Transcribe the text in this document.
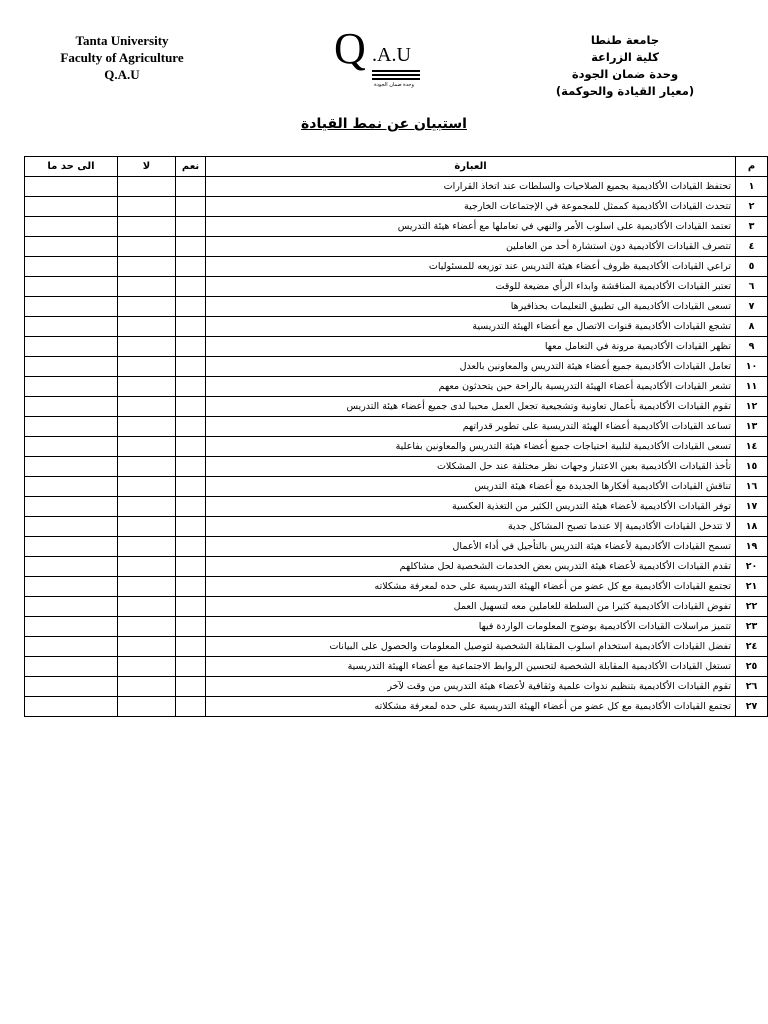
Tanta University
Faculty of Agriculture
Q.A.U
Q .A.U
وحدة ضمان الجودة
جامعة طنطا
كلية الزراعة
وحدة ضمان الجودة
(معيار القيادة والحوكمة)
استبيان عن نمط القيادة
م	العبارة	نعم	لا	الى حد ما
١	تحتفظ القيادات الأكاديمية بجميع الصلاحيات والسلطات عند اتخاذ القرارات			
٢	تتحدث القيادات الأكاديمية كممثل للمجموعة في الإجتماعات الخارجية			
٣	تعتمد القيادات الأكاديمية على اسلوب الأمر والنهي في تعاملها مع أعضاء هيئة التدريس			
٤	تتصرف القيادات الأكاديمية دون استشارة أحد من العاملين			
٥	تراعي القيادات الأكاديمية ظروف أعضاء هيئة التدريس عند توزيعه للمسئوليات			
٦	تعتبر القيادات الأكاديمية المناقشة وابداء الرأي مضيعة للوقت			
٧	تسعى القيادات الأكاديمية الى تطبيق التعليمات بحذافيرها			
٨	تشجع القيادات الأكاديمية قنوات الاتصال مع أعضاء الهيئة التدريسية			
٩	تظهر القيادات الأكاديمية مرونة في التعامل معها			
١٠	تعامل القيادات الأكاديمية جميع أعضاء هيئة التدريس والمعاونين بالعدل			
١١	تشعر القيادات الأكاديمية أعضاء الهيئة التدريسية بالراحة حين يتحدثون معهم			
١٢	تقوم القيادات الأكاديمية بأعمال تعاونية وتشجيعية تجعل العمل محببا لدى جميع أعضاء هيئة التدريس			
١٣	تساعد القيادات الأكاديمية أعضاء الهيئة التدريسية على تطوير قدراتهم			
١٤	تسعى القيادات الأكاديمية لتلبية احتياجات جميع أعضاء هيئة التدريس والمعاونين بفاعلية			
١٥	تأخذ القيادات الأكاديمية بعين الاعتبار وجهات نظر مختلفة عند حل المشكلات			
١٦	تناقش القيادات الأكاديمية أفكارها الجديدة مع أعضاء هيئة التدريس			
١٧	توفر القيادات الأكاديمية لأعضاء هيئة التدريس الكثير من التغذية العكسية			
١٨	لا تتدخل القيادات الأكاديمية إلا عندما تصبح المشاكل جدية			
١٩	تسمح القيادات الأكاديمية لأعضاء هيئة التدريس بالتأجيل في أداء الأعمال			
٢٠	تقدم القيادات الأكاديمية لأعضاء هيئة التدريس بعض الخدمات الشخصية لحل مشاكلهم			
٢١	تجتمع القيادات الأكاديمية مع كل عضو من أعضاء الهيئة التدريسية على حده لمعرفة مشكلاته			
٢٢	تفوض القيادات الأكاديمية كثيرا من السلطة للعاملين معه لتسهيل العمل			
٢٣	تتميز مراسلات القيادات الأكاديمية بوضوح المعلومات الواردة فيها			
٢٤	تفضل القيادات الأكاديمية استخدام اسلوب المقابلة الشخصية لتوصيل المعلومات والحصول على البيانات			
٢٥	تستغل القيادات الأكاديمية المقابلة الشخصية لتحسين الروابط الاجتماعية مع أعضاء الهيئة التدريسية			
٢٦	تقوم القيادات الأكاديمية بتنظيم ندوات علمية وثقافية لأعضاء هيئة التدريس من وقت لآخر			
٢٧	تجتمع القيادات الأكاديمية مع كل عضو من أعضاء الهيئة التدريسية على حده لمعرفة مشكلاته			
